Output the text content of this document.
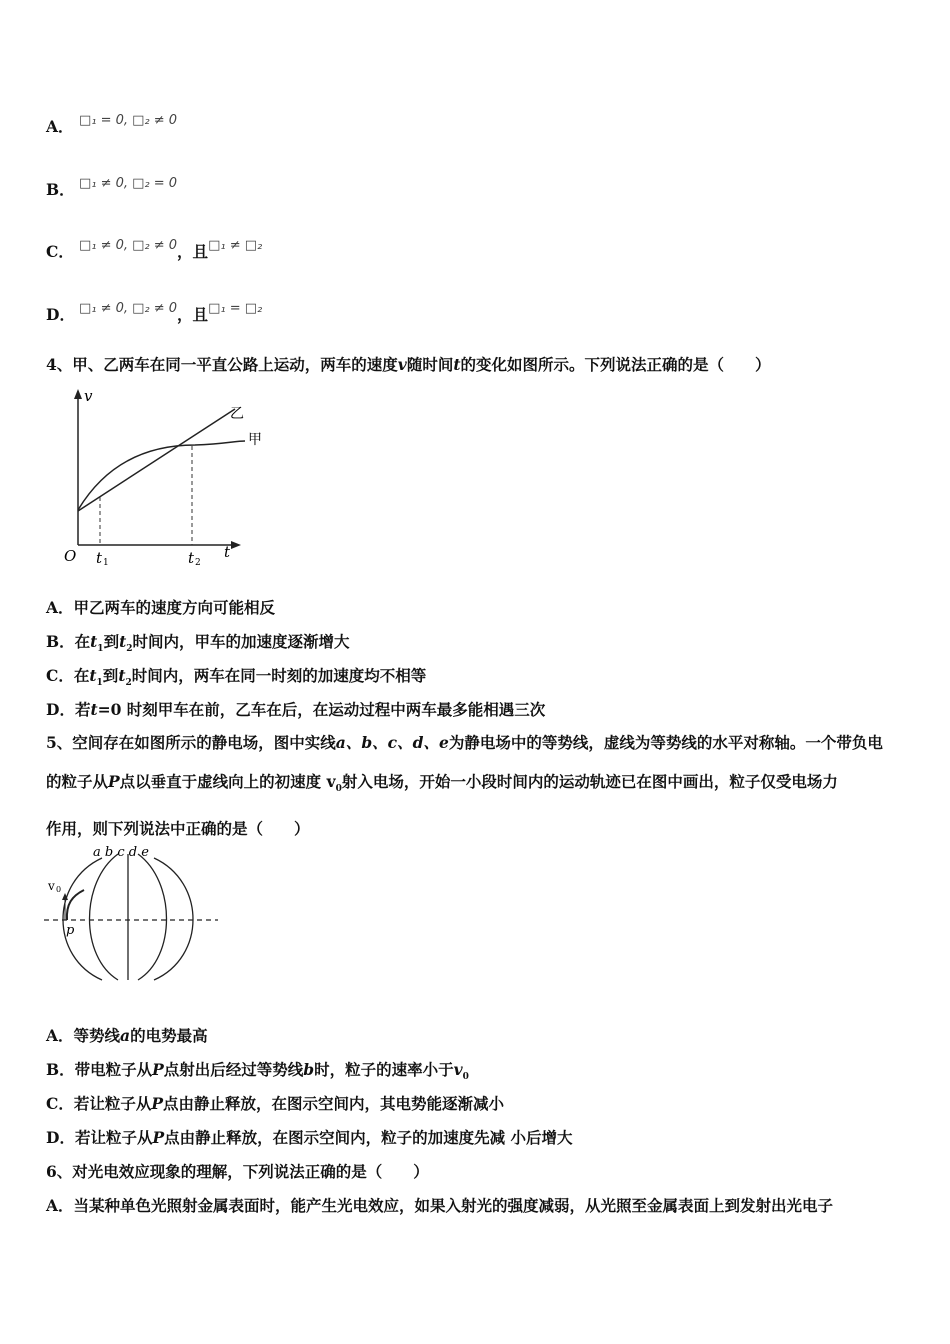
A． $^{□_1 = 0, □_2 \ne 0}$
B． $^{□_1 \ne 0, □_2 = 0}$
C． $^{□_1 \ne 0, □_2 \ne 0}$，且$^{□_1 \ne □_2}$
D． $^{□_1 \ne 0, □_2 \ne 0}$，且$^{□_1 = □_2}$
4、甲、乙两车在同一平直公路上运动，两车的速度v随时间t的变化如图所示。下列说法正确的是（　　）
v
O	t
t 1	t 2
乙
甲
A．甲乙两车的速度方向可能相反
B．在$t_1$到$t_2$时间内，甲车的加速度逐渐增大
C．在$t_1$到$t_2$时间内，两车在同一时刻的加速度均不相等
D．若t=0 时刻甲车在前，乙车在后，在运动过程中两车最多能相遇三次
5、空间存在如图所示的静电场，图中实线a、b、c、d、e为静电场中的等势线，虚线为等势线的水平对称轴。一个带负电
的粒子从P点以垂直于虚线向上的初速度 $v_0$射入电场，开始一小段时间内的运动轨迹已在图中画出，粒子仅受电场力
作用，则下列说法中正确的是（　　）
a b c d e
v 0
p
A．等势线a的电势最高
B．带电粒子从P点射出后经过等势线b时，粒子的速率小于$v_0$
C．若让粒子从P点由静止释放，在图示空间内，其电势能逐渐减小
D．若让粒子从P点由静止释放，在图示空间内，粒子的加速度先减 小后增大
6、对光电效应现象的理解，下列说法正确的是（　　）
A．当某种单色光照射金属表面时，能产生光电效应，如果入射光的强度减弱，从光照至金属表面上到发射出光电子
